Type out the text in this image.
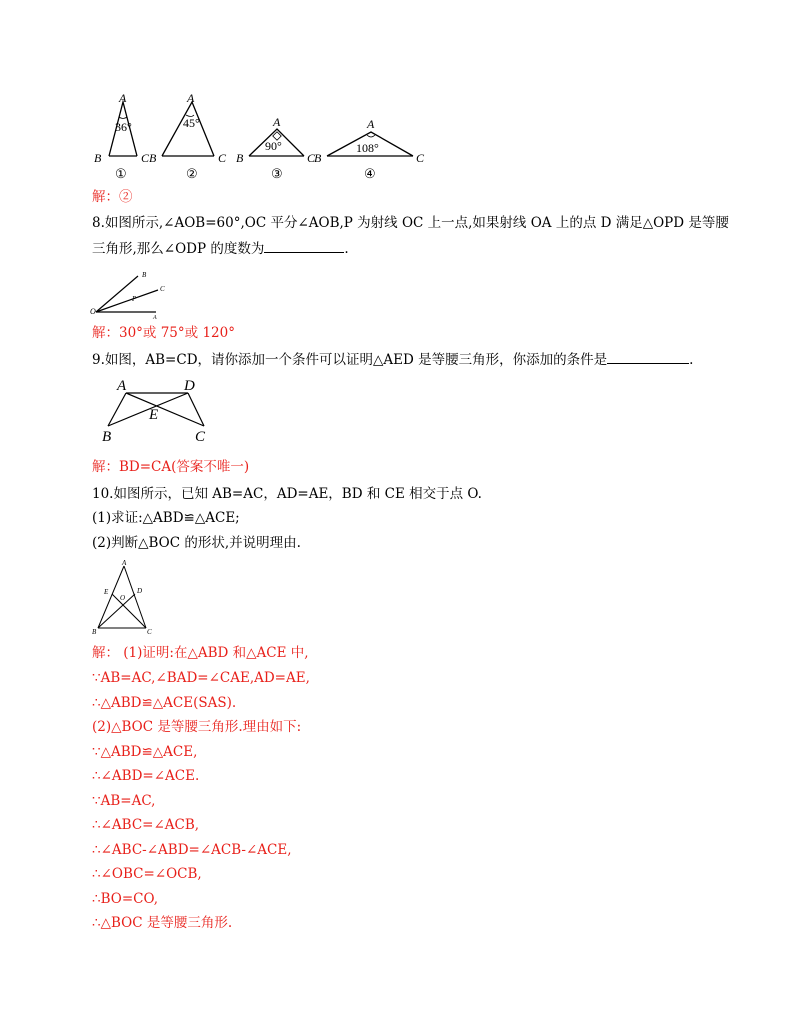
A
B	C
36°
①
A
B	C
45°
②
A
B	C
90°
③
A
B	C
108°
④
解：②
8.如图所示,∠AOB=60°,OC 平分∠AOB,P 为射线 OC 上一点,如果射线 OA 上的点 D 满足△OPD 是等腰
三角形,那么∠ODP 的度数为	.
B
C
P
O
A
解：30°或 75°或 120°
9.如图，AB=CD，请你添加一个条件可以证明△AED 是等腰三角形，你添加的条件是	.
A	D
E
B	C
解：BD=CA(答案不唯一)
10.如图所示，已知 AB=AC，AD=AE，BD 和 CE 相交于点 O.
(1)求证:△ABD≌△ACE;
(2)判断△BOC 的形状,并说明理由.
A
E	D
O
B	C
解： (1)证明:在△ABD 和△ACE 中,
∵AB=AC,∠BAD=∠CAE,AD=AE,
∴△ABD≌△ACE(SAS).
(2)△BOC 是等腰三角形.理由如下:
∵△ABD≌△ACE,
∴∠ABD=∠ACE.
∵AB=AC,
∴∠ABC=∠ACB,
∴∠ABC-∠ABD=∠ACB-∠ACE,
∴∠OBC=∠OCB,
∴BO=CO,
∴△BOC 是等腰三角形.
